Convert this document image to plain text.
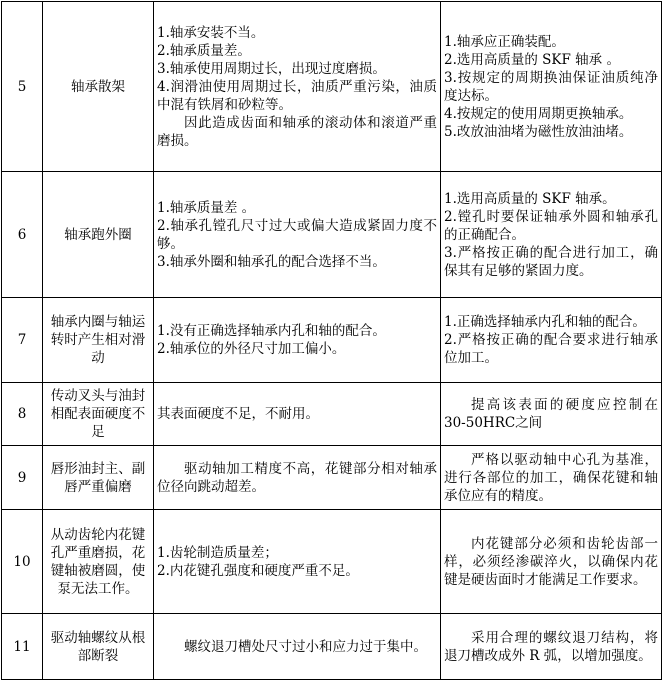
5	轴承散架	1.轴承安装不当。
2.轴承质量差。
3.轴承使用周期过长，出现过度磨损。
4.润滑油使用周期过长，油质严重污染，油质中混有铁屑和砂粒等。
因此造成齿面和轴承的滚动体和滚道严重磨损。	1.轴承应正确装配。
2.选用高质量的 SKF 轴承 。
3.按规定的周期换油保证油质纯净度达标。
4.按规定的使用周期更换轴承。
5.改放油油堵为磁性放油油堵。

6	轴承跑外圈	1.轴承质量差 。
2.轴承孔镗孔尺寸过大或偏大造成紧固力度不够。
3.轴承外圈和轴承孔的配合选择不当。	1.选用高质量的 SKF 轴承。
2.镗孔时要保证轴承外圆和轴承孔的正确配合。
3.严格按正确的配合进行加工，确保其有足够的紧固力度。

7	轴承内圈与轴运转时产生相对滑动	1.没有正确选择轴承内孔和轴的配合。
2.轴承位的外径尺寸加工偏小。	1.正确选择轴承内孔和轴的配合。
2.严格按正确的配合要求进行轴承位加工。

8	传动叉头与油封相配表面硬度不足	其表面硬度不足，不耐用。	提高该表面的硬度应控制在 30-50HRC之间

9	唇形油封主、副唇严重偏磨	驱动轴加工精度不高，花键部分相对轴承位径向跳动超差。	严格以驱动轴中心孔为基准，进行各部位的加工，确保花键和轴承位应有的精度。

10	从动齿轮内花键孔严重磨损，花键轴被磨圆，使泵无法工作。	1.齿轮制造质量差；
2.内花键孔强度和硬度严重不足。	内花键部分必须和齿轮齿部一样，必须经渗碳淬火，以确保内花键是硬齿面时才能满足工作要求。

11	驱动轴螺纹从根部断裂	螺纹退刀槽处尺寸过小和应力过于集中。	采用合理的螺纹退刀结构，将退刀槽改成外 R 弧，以增加强度。
